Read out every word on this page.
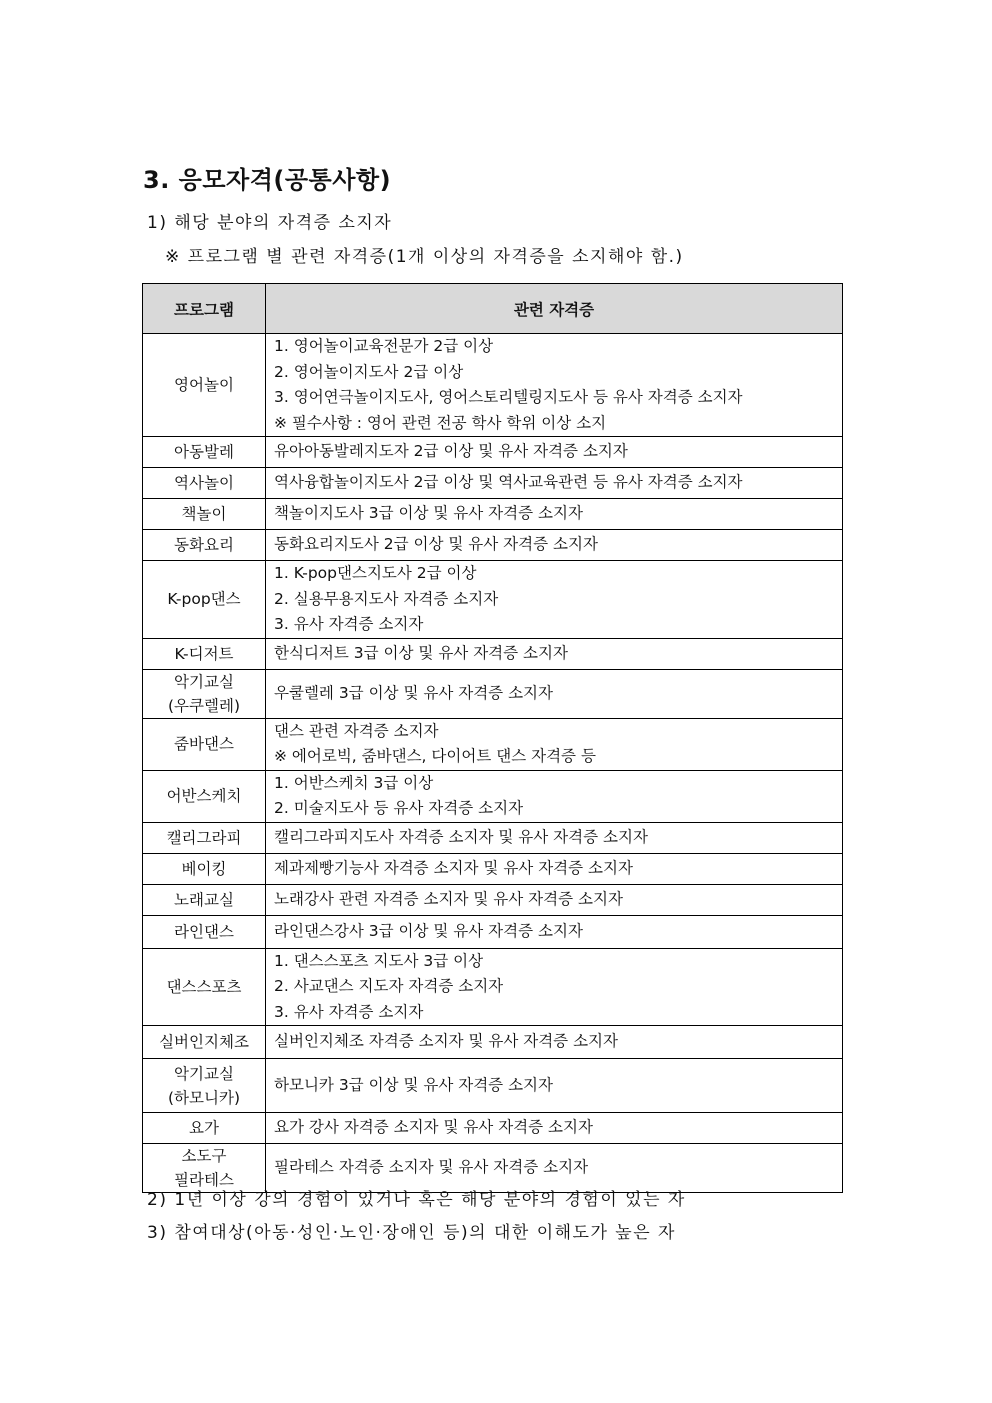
3. 응모자격(공통사항)
1) 해당 분야의 자격증 소지자
※ 프로그램 별 관련 자격증(1개 이상의 자격증을 소지해야 함.)
프로그램	관련 자격증

영어놀이	1. 영어놀이교육전문가 2급 이상
2. 영어놀이지도사 2급 이상
3. 영어연극놀이지도사, 영어스토리텔링지도사 등 유사 자격증 소지자
※ 필수사항 : 영어 관련 전공 학사 학위 이상 소지

아동발레	유아아동발레지도자 2급 이상 및 유사 자격증 소지자

역사놀이	역사융합놀이지도사 2급 이상 및 역사교육관련 등 유사 자격증 소지자

책놀이	책놀이지도사 3급 이상 및 유사 자격증 소지자

동화요리	동화요리지도사 2급 이상 및 유사 자격증 소지자

K-pop댄스	1. K-pop댄스지도사 2급 이상
2. 실용무용지도사 자격증 소지자
3. 유사 자격증 소지자

K-디저트	한식디저트 3급 이상 및 유사 자격증 소지자

악기교실
(우쿠렐레)	우쿨렐레 3급 이상 및 유사 자격증 소지자

줌바댄스	댄스 관련 자격증 소지자
※ 에어로빅, 줌바댄스, 다이어트 댄스 자격증 등

어반스케치	1. 어반스케치 3급 이상
2. 미술지도사 등 유사 자격증 소지자

캘리그라피	캘리그라피지도사 자격증 소지자 및 유사 자격증 소지자

베이킹	제과제빵기능사 자격증 소지자 및 유사 자격증 소지자

노래교실	노래강사 관련 자격증 소지자 및 유사 자격증 소지자

라인댄스	라인댄스강사 3급 이상 및 유사 자격증 소지자

댄스스포츠	1. 댄스스포츠 지도사 3급 이상
2. 사교댄스 지도자 자격증 소지자
3. 유사 자격증 소지자

실버인지체조	실버인지체조 자격증 소지자 및 유사 자격증 소지자

악기교실
(하모니카)	하모니카 3급 이상 및 유사 자격증 소지자

요가	요가 강사 자격증 소지자 및 유사 자격증 소지자

소도구
필라테스	필라테스 자격증 소지자 및 유사 자격증 소지자
2) 1년 이상 강의 경험이 있거나 혹은 해당 분야의 경험이 있는 자
3) 참여대상(아동·성인·노인·장애인 등)의 대한 이해도가 높은 자
